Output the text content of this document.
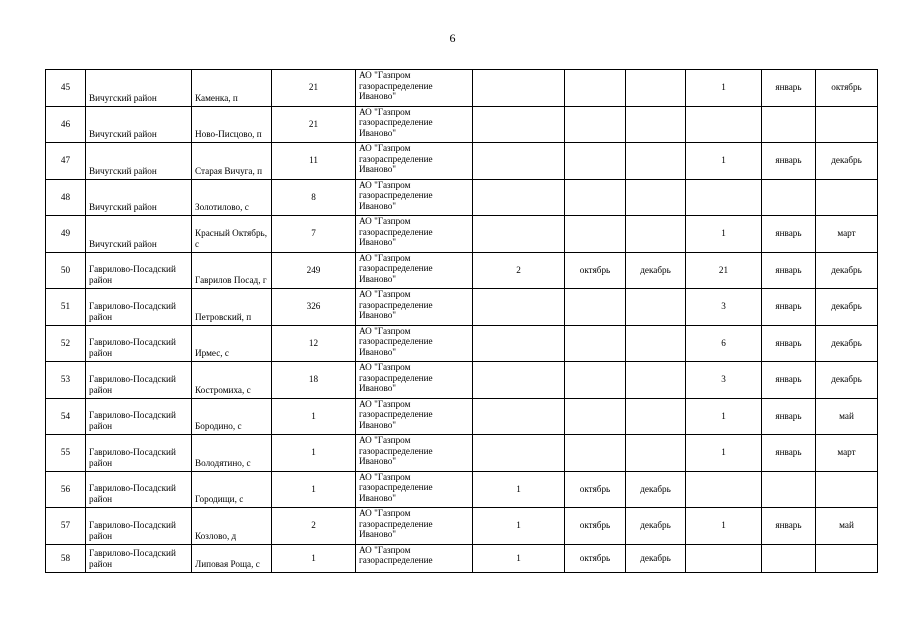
6
45	Вичугский район	Каменка, п	21	АО "Газпром
газораспределение
Иваново"				1	январь	октябрь
46	Вичугский район	Ново-Писцово, п	21	АО "Газпром
газораспределение
Иваново"						

47	Вичугский район	Старая Вичуга, п	11	АО "Газпром
газораспределение
Иваново"				1	январь	декабрь
48	Вичугский район	Золотилово, с	8	АО "Газпром
газораспределение
Иваново"						

49	Вичугский район	Красный Октябрь, с	7	АО "Газпром
газораспределение
Иваново"				1	январь	март
50	Гаврилово-Посадский район	Гаврилов Посад, г	249	АО "Газпром
газораспределение
Иваново"	2	октябрь	декабрь	21	январь	декабрь
51	Гаврилово-Посадский район	Петровский, п	326	АО "Газпром
газораспределение
Иваново"				3	январь	декабрь
52	Гаврилово-Посадский район	Ирмес, с	12	АО "Газпром
газораспределение
Иваново"				6	январь	декабрь
53	Гаврилово-Посадский район	Костромиха, с	18	АО "Газпром
газораспределение
Иваново"				3	январь	декабрь
54	Гаврилово-Посадский район	Бородино, с	1	АО "Газпром
газораспределение
Иваново"				1	январь	май
55	Гаврилово-Посадский район	Володятино, с	1	АО "Газпром
газораспределение
Иваново"				1	январь	март
56	Гаврилово-Посадский район	Городищи, с	1	АО "Газпром
газораспределение
Иваново"	1	октябрь	декабрь			
57	Гаврилово-Посадский район	Козлово, д	2	АО "Газпром
газораспределение
Иваново"	1	октябрь	декабрь	1	январь	май
58	Гаврилово-Посадский район	Липовая Роща, с	1	АО "Газпром
газораспределение	1	октябрь	декабрь			
